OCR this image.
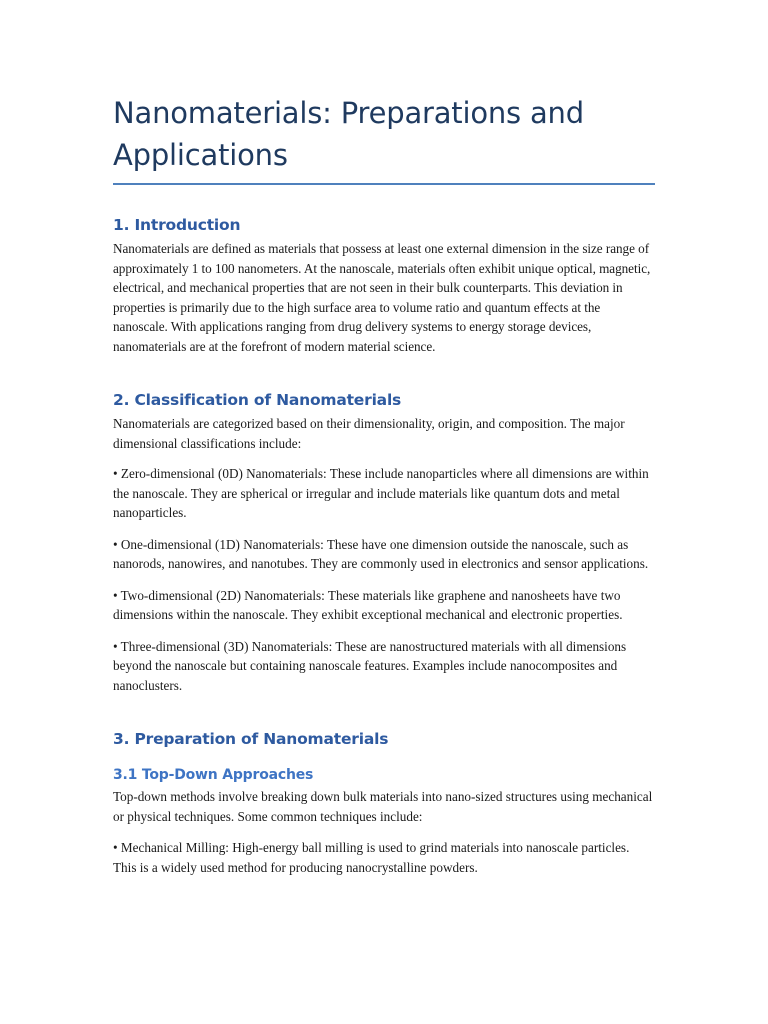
Nanomaterials: Preparations and Applications
1. Introduction

Nanomaterials are defined as materials that possess at least one external dimension in the size range of approximately 1 to 100 nanometers. At the nanoscale, materials often exhibit unique optical, magnetic, electrical, and mechanical properties that are not seen in their bulk counterparts. This deviation in properties is primarily due to the high surface area to volume ratio and quantum effects at the nanoscale. With applications ranging from drug delivery systems to energy storage devices, nanomaterials are at the forefront of modern material science.

2. Classification of Nanomaterials

Nanomaterials are categorized based on their dimensionality, origin, and composition. The major dimensional classifications include:

• Zero-dimensional (0D) Nanomaterials: These include nanoparticles where all dimensions are within the nanoscale. They are spherical or irregular and include materials like quantum dots and metal nanoparticles.

• One-dimensional (1D) Nanomaterials: These have one dimension outside the nanoscale, such as nanorods, nanowires, and nanotubes. They are commonly used in electronics and sensor applications.

• Two-dimensional (2D) Nanomaterials: These materials like graphene and nanosheets have two dimensions within the nanoscale. They exhibit exceptional mechanical and electronic properties.

• Three-dimensional (3D) Nanomaterials: These are nanostructured materials with all dimensions beyond the nanoscale but containing nanoscale features. Examples include nanocomposites and nanoclusters.

3. Preparation of Nanomaterials
3.1 Top-Down Approaches

Top-down methods involve breaking down bulk materials into nano-sized structures using mechanical or physical techniques. Some common techniques include:

• Mechanical Milling: High-energy ball milling is used to grind materials into nanoscale particles. This is a widely used method for producing nanocrystalline powders.
